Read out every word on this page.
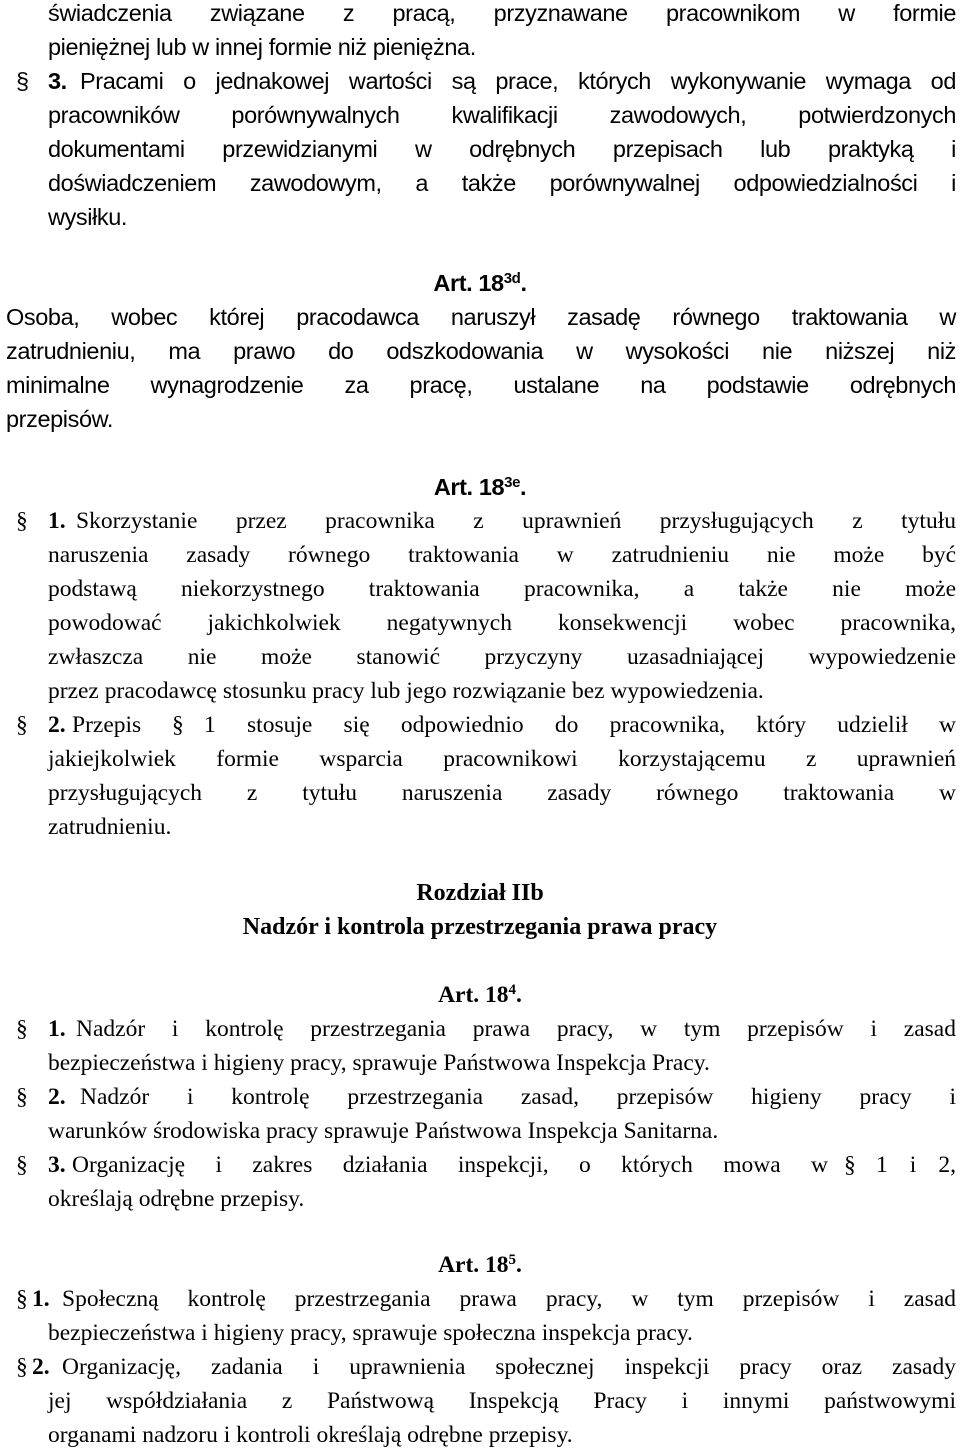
świadczenia związane z pracą, przyznawane pracownikom w formie
pieniężnej lub w innej formie niż pieniężna.
§ 3. Pracami o jednakowej wartości są prace, których wykonywanie wymaga od
pracowników porównywalnych kwalifikacji zawodowych, potwierdzonych
dokumentami przewidzianymi w odrębnych przepisach lub praktyką i
doświadczeniem zawodowym, a także porównywalnej odpowiedzialności i
wysiłku.
Art. $18^{3d}$.
Osoba, wobec której pracodawca naruszył zasadę równego traktowania w
zatrudnieniu, ma prawo do odszkodowania w wysokości nie niższej niż
minimalne wynagrodzenie za pracę, ustalane na podstawie odrębnych
przepisów.
Art. $18^{3e}$.
§ 1. Skorzystanie przez pracownika z uprawnień przysługujących z tytułu
naruszenia zasady równego traktowania w zatrudnieniu nie może być
podstawą niekorzystnego traktowania pracownika, a także nie może
powodować jakichkolwiek negatywnych konsekwencji wobec pracownika,
zwłaszcza nie może stanowić przyczyny uzasadniającej wypowiedzenie
przez pracodawcę stosunku pracy lub jego rozwiązanie bez wypowiedzenia.
§ 2. Przepis § 1 stosuje się odpowiednio do pracownika, który udzielił w
jakiejkolwiek formie wsparcia pracownikowi korzystającemu z uprawnień
przysługujących z tytułu naruszenia zasady równego traktowania w
zatrudnieniu.
Rozdział IIb
Nadzór i kontrola przestrzegania prawa pracy
Art. $18^4$.
§ 1. Nadzór i kontrolę przestrzegania prawa pracy, w tym przepisów i zasad
bezpieczeństwa i higieny pracy, sprawuje Państwowa Inspekcja Pracy.
§ 2. Nadzór i kontrolę przestrzegania zasad, przepisów higieny pracy i
warunków środowiska pracy sprawuje Państwowa Inspekcja Sanitarna.
§ 3. Organizację i zakres działania inspekcji, o których mowa w § 1 i 2,
określają odrębne przepisy.
Art. $18^5$.
§ 1. Społeczną kontrolę przestrzegania prawa pracy, w tym przepisów i zasad
bezpieczeństwa i higieny pracy, sprawuje społeczna inspekcja pracy.
§ 2. Organizację, zadania i uprawnienia społecznej inspekcji pracy oraz zasady
jej współdziałania z Państwową Inspekcją Pracy i innymi państwowymi
organami nadzoru i kontroli określają odrębne przepisy.
